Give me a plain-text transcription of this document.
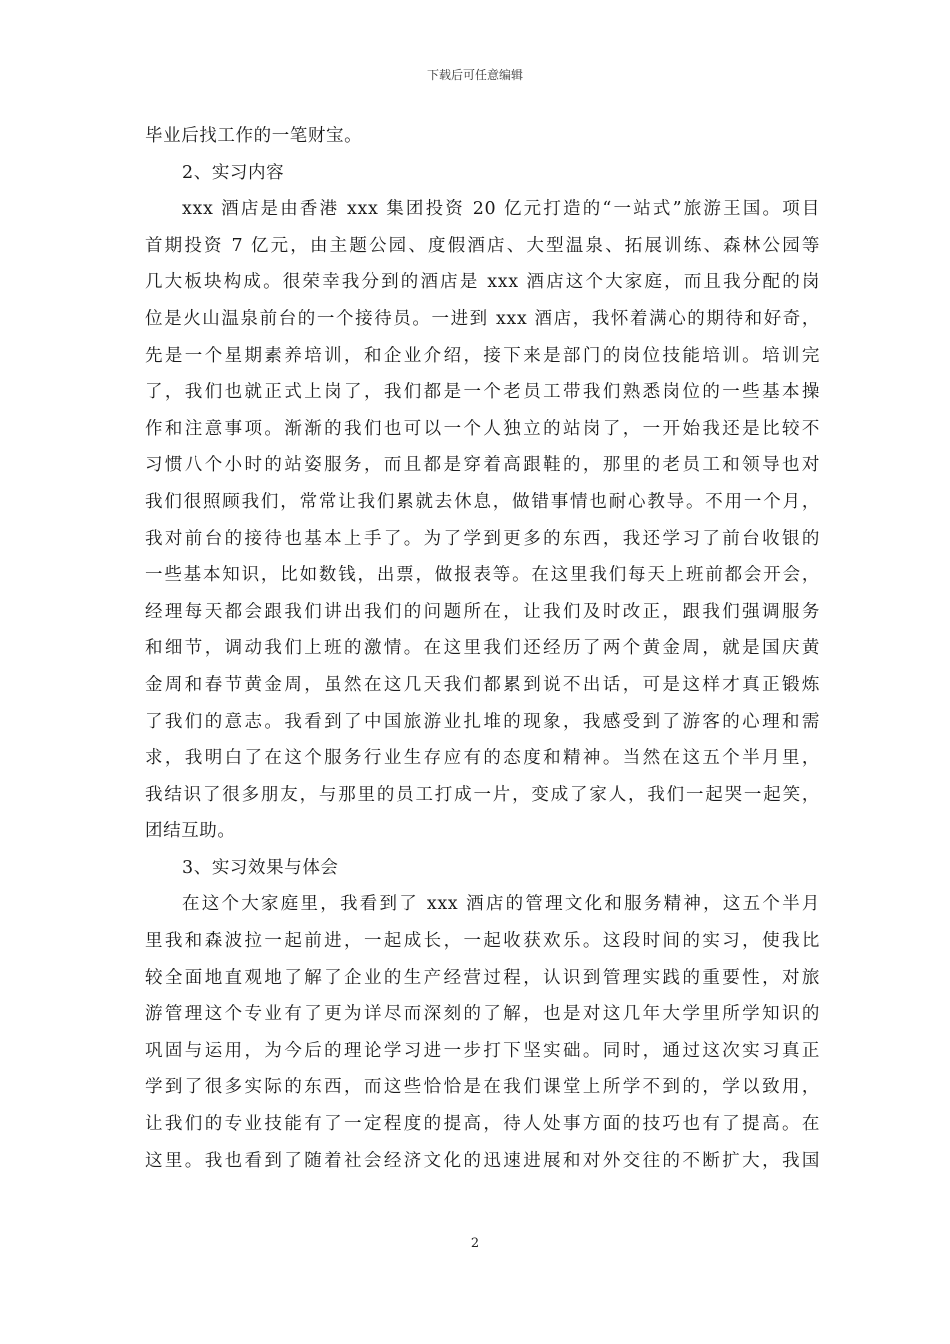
下载后可任意编辑
毕业后找工作的一笔财宝。
2、实习内容
xxx 酒店是由香港 xxx 集团投资 20 亿元打造的“一站式”旅游王国。项目
首期投资 7 亿元，由主题公园、度假酒店、大型温泉、拓展训练、森林公园等
几大板块构成。很荣幸我分到的酒店是 xxx 酒店这个大家庭，而且我分配的岗
位是火山温泉前台的一个接待员。一进到 xxx 酒店，我怀着满心的期待和好奇，
先是一个星期素养培训，和企业介绍，接下来是部门的岗位技能培训。培训完
了，我们也就正式上岗了，我们都是一个老员工带我们熟悉岗位的一些基本操
作和注意事项。渐渐的我们也可以一个人独立的站岗了，一开始我还是比较不
习惯八个小时的站姿服务，而且都是穿着高跟鞋的，那里的老员工和领导也对
我们很照顾我们，常常让我们累就去休息，做错事情也耐心教导。不用一个月，
我对前台的接待也基本上手了。为了学到更多的东西，我还学习了前台收银的
一些基本知识，比如数钱，出票，做报表等。在这里我们每天上班前都会开会，
经理每天都会跟我们讲出我们的问题所在，让我们及时改正，跟我们强调服务
和细节，调动我们上班的激情。在这里我们还经历了两个黄金周，就是国庆黄
金周和春节黄金周，虽然在这几天我们都累到说不出话，可是这样才真正锻炼
了我们的意志。我看到了中国旅游业扎堆的现象，我感受到了游客的心理和需
求，我明白了在这个服务行业生存应有的态度和精神。当然在这五个半月里，
我结识了很多朋友，与那里的员工打成一片，变成了家人，我们一起哭一起笑，
团结互助。
3、实习效果与体会
在这个大家庭里，我看到了 xxx 酒店的管理文化和服务精神，这五个半月
里我和森波拉一起前进，一起成长，一起收获欢乐。这段时间的实习，使我比
较全面地直观地了解了企业的生产经营过程，认识到管理实践的重要性，对旅
游管理这个专业有了更为详尽而深刻的了解，也是对这几年大学里所学知识的
巩固与运用，为今后的理论学习进一步打下坚实础。同时，通过这次实习真正
学到了很多实际的东西，而这些恰恰是在我们课堂上所学不到的，学以致用，
让我们的专业技能有了一定程度的提高，待人处事方面的技巧也有了提高。在
这里。我也看到了随着社会经济文化的迅速进展和对外交往的不断扩大，我国
2
